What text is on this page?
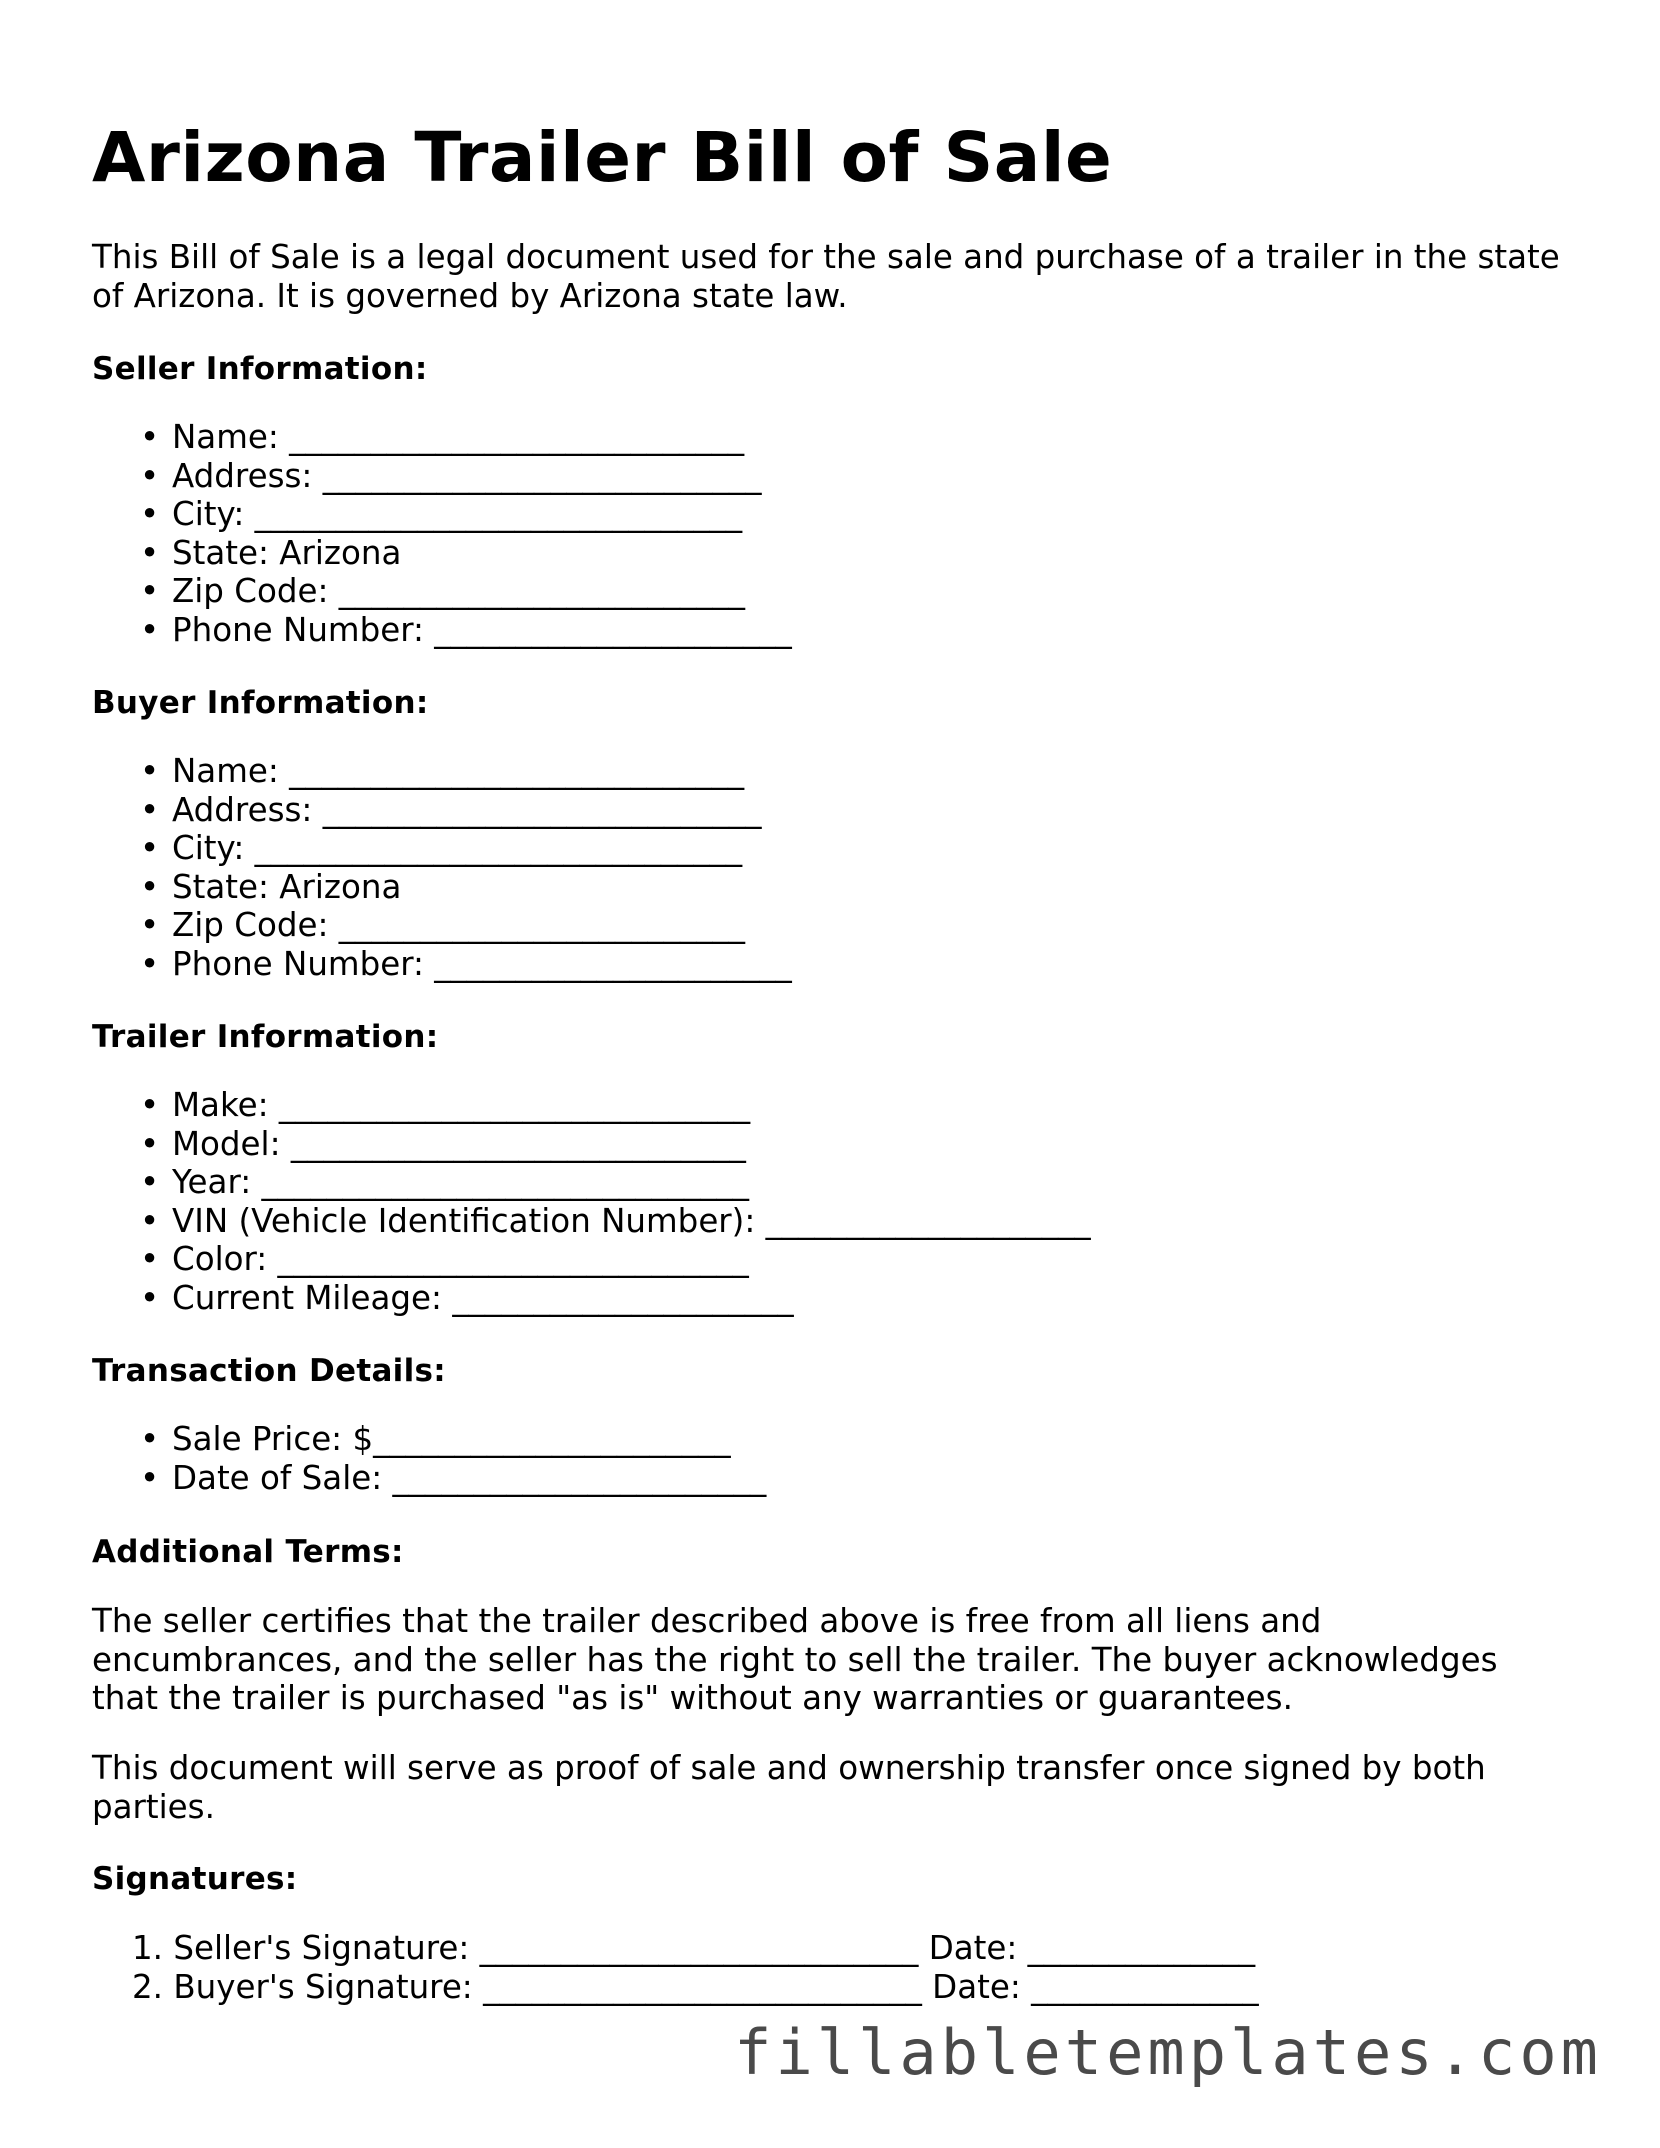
Arizona Trailer Bill of Sale

This Bill of Sale is a legal document used for the sale and purchase of a trailer in the state of Arizona. It is governed by Arizona state law.

Seller Information:
• Name: ____________________________
• Address: ___________________________
• City: ______________________________
• State: Arizona
• Zip Code: _________________________
• Phone Number: ______________________
Buyer Information:
• Name: ____________________________
• Address: ___________________________
• City: ______________________________
• State: Arizona
• Zip Code: _________________________
• Phone Number: ______________________
Trailer Information:
• Make: _____________________________
• Model: ____________________________
• Year: ______________________________
• VIN (Vehicle Identification Number): ____________________
• Color: _____________________________
• Current Mileage: _____________________
Transaction Details:
• Sale Price: $______________________
• Date of Sale: _______________________
Additional Terms:

The seller certifies that the trailer described above is free from all liens and encumbrances, and the seller has the right to sell the trailer. The buyer acknowledges that the trailer is purchased "as is" without any warranties or guarantees.

This document will serve as proof of sale and ownership transfer once signed by both parties.

Signatures:
1. Seller's Signature: ___________________________ Date: ______________
2. Buyer's Signature: ___________________________ Date: ______________
fillabletemplates.com
